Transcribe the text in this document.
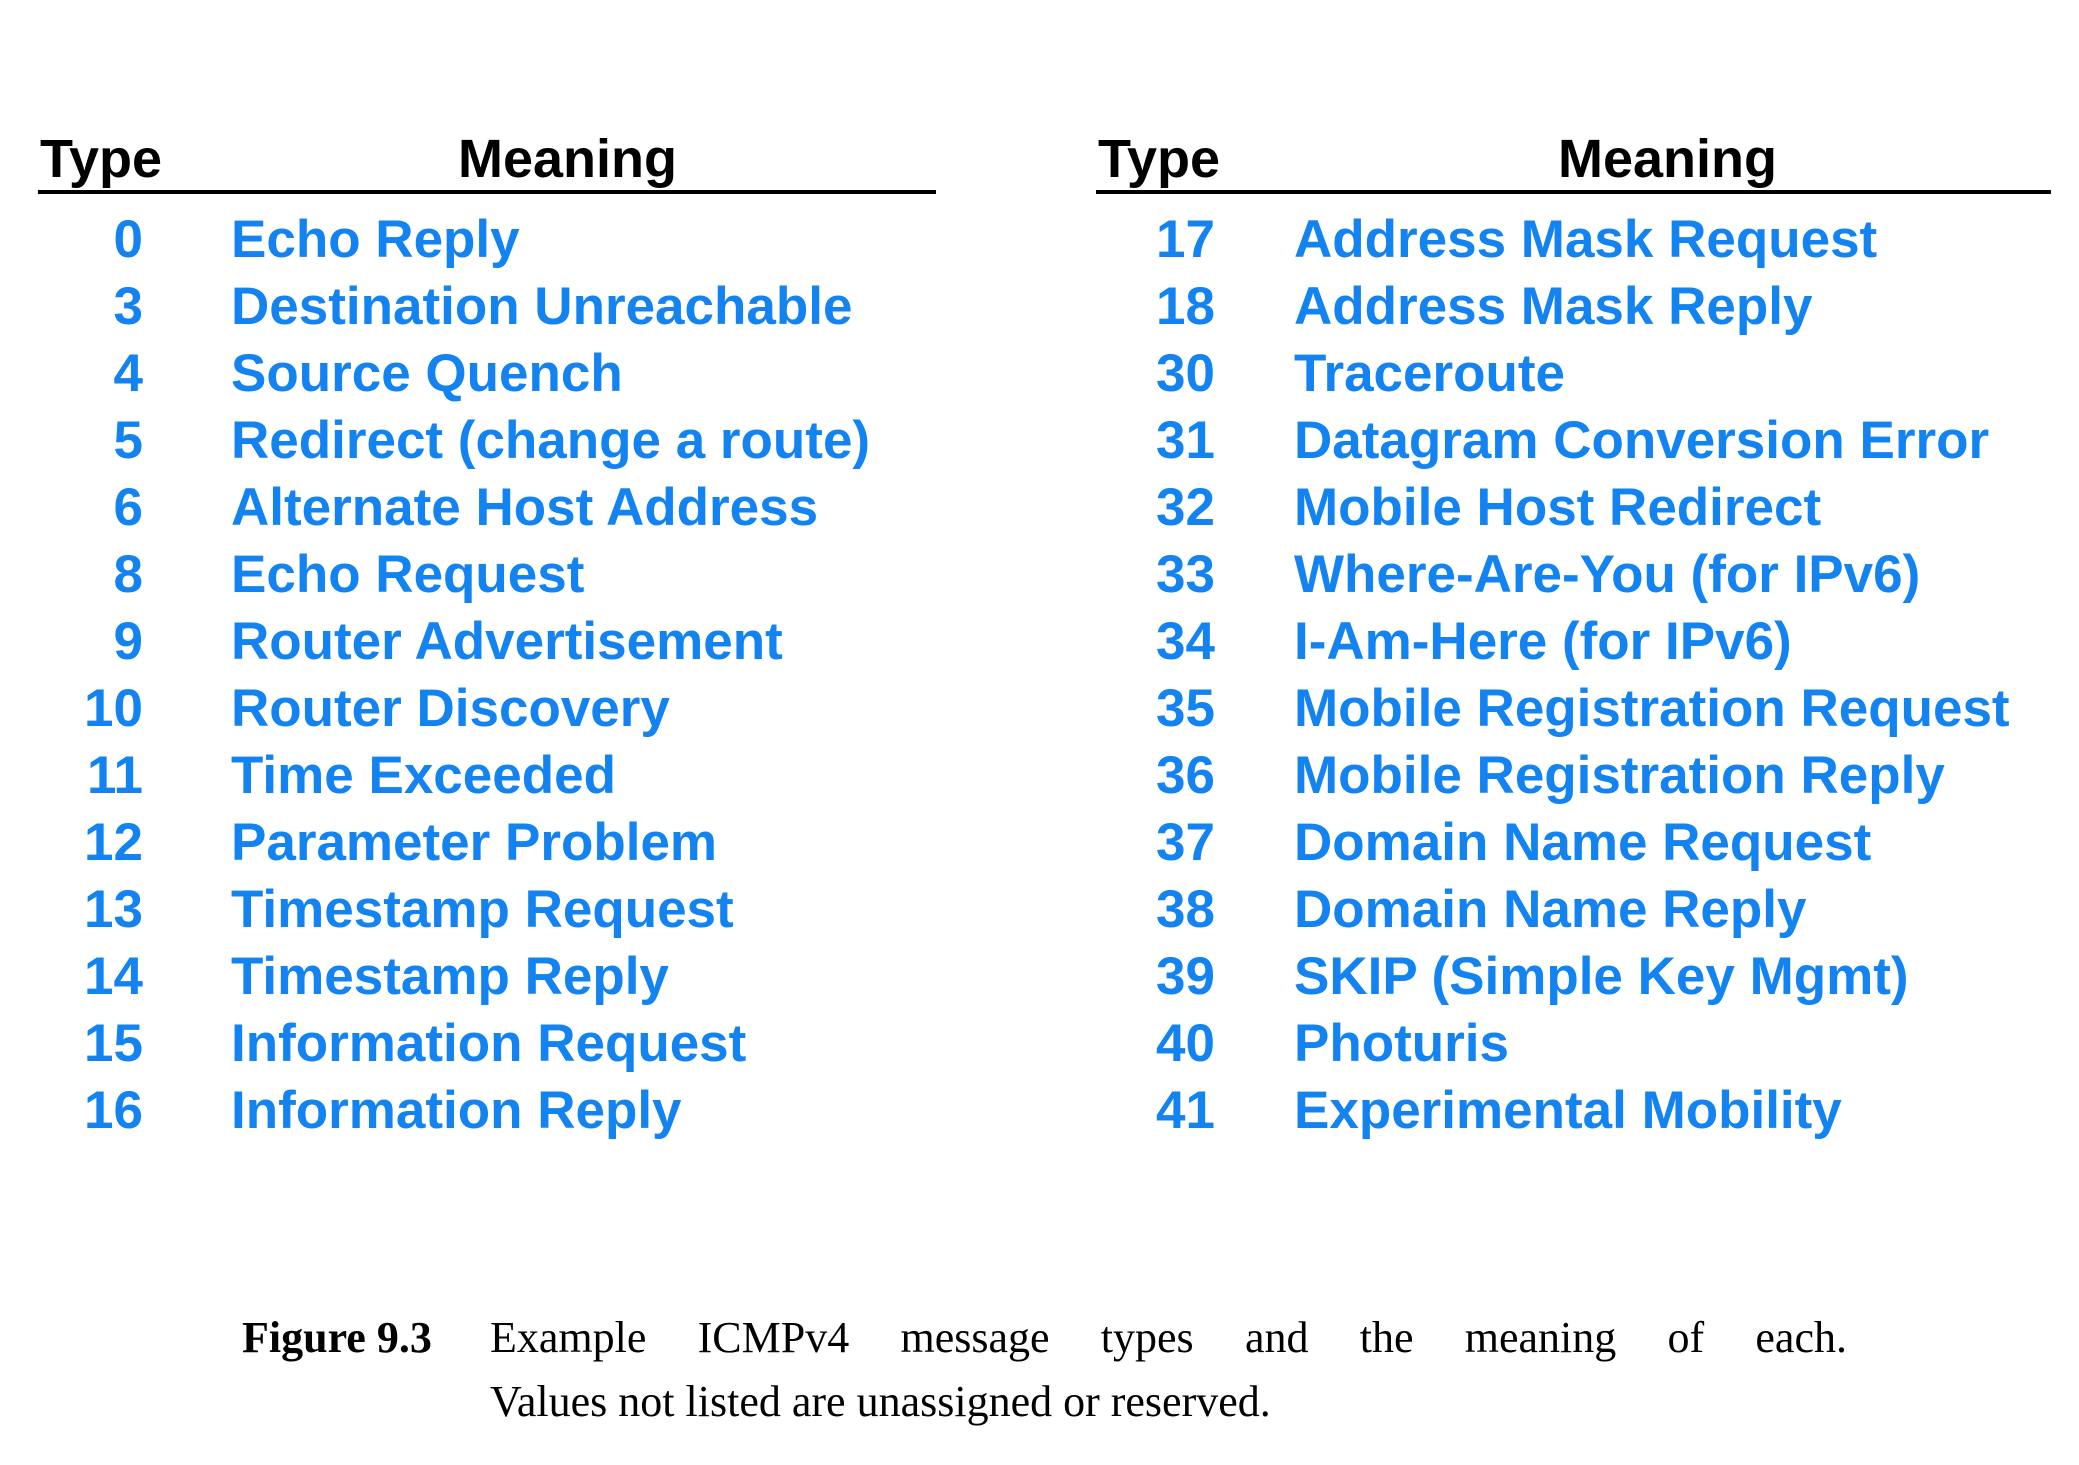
Type	Meaning
0 Echo Reply
3 Destination Unreachable
4 Source Quench
5 Redirect (change a route)
6 Alternate Host Address
8 Echo Request
9 Router Advertisement
10 Router Discovery
11 Time Exceeded
12 Parameter Problem
13 Timestamp Request
14 Timestamp Reply
15 Information Request
16 Information Reply
Type	Meaning
17 Address Mask Request
18 Address Mask Reply
30 Traceroute
31 Datagram Conversion Error
32 Mobile Host Redirect
33 Where-Are-You (for IPv6)
34 I-Am-Here (for IPv6)
35 Mobile Registration Request
36 Mobile Registration Reply
37 Domain Name Request
38 Domain Name Reply
39 SKIP (Simple Key Mgmt)
40 Photuris
41 Experimental Mobility
Figure 9.3 Example ICMPv4 message types and the meaning of each.
Values not listed are unassigned or reserved.
